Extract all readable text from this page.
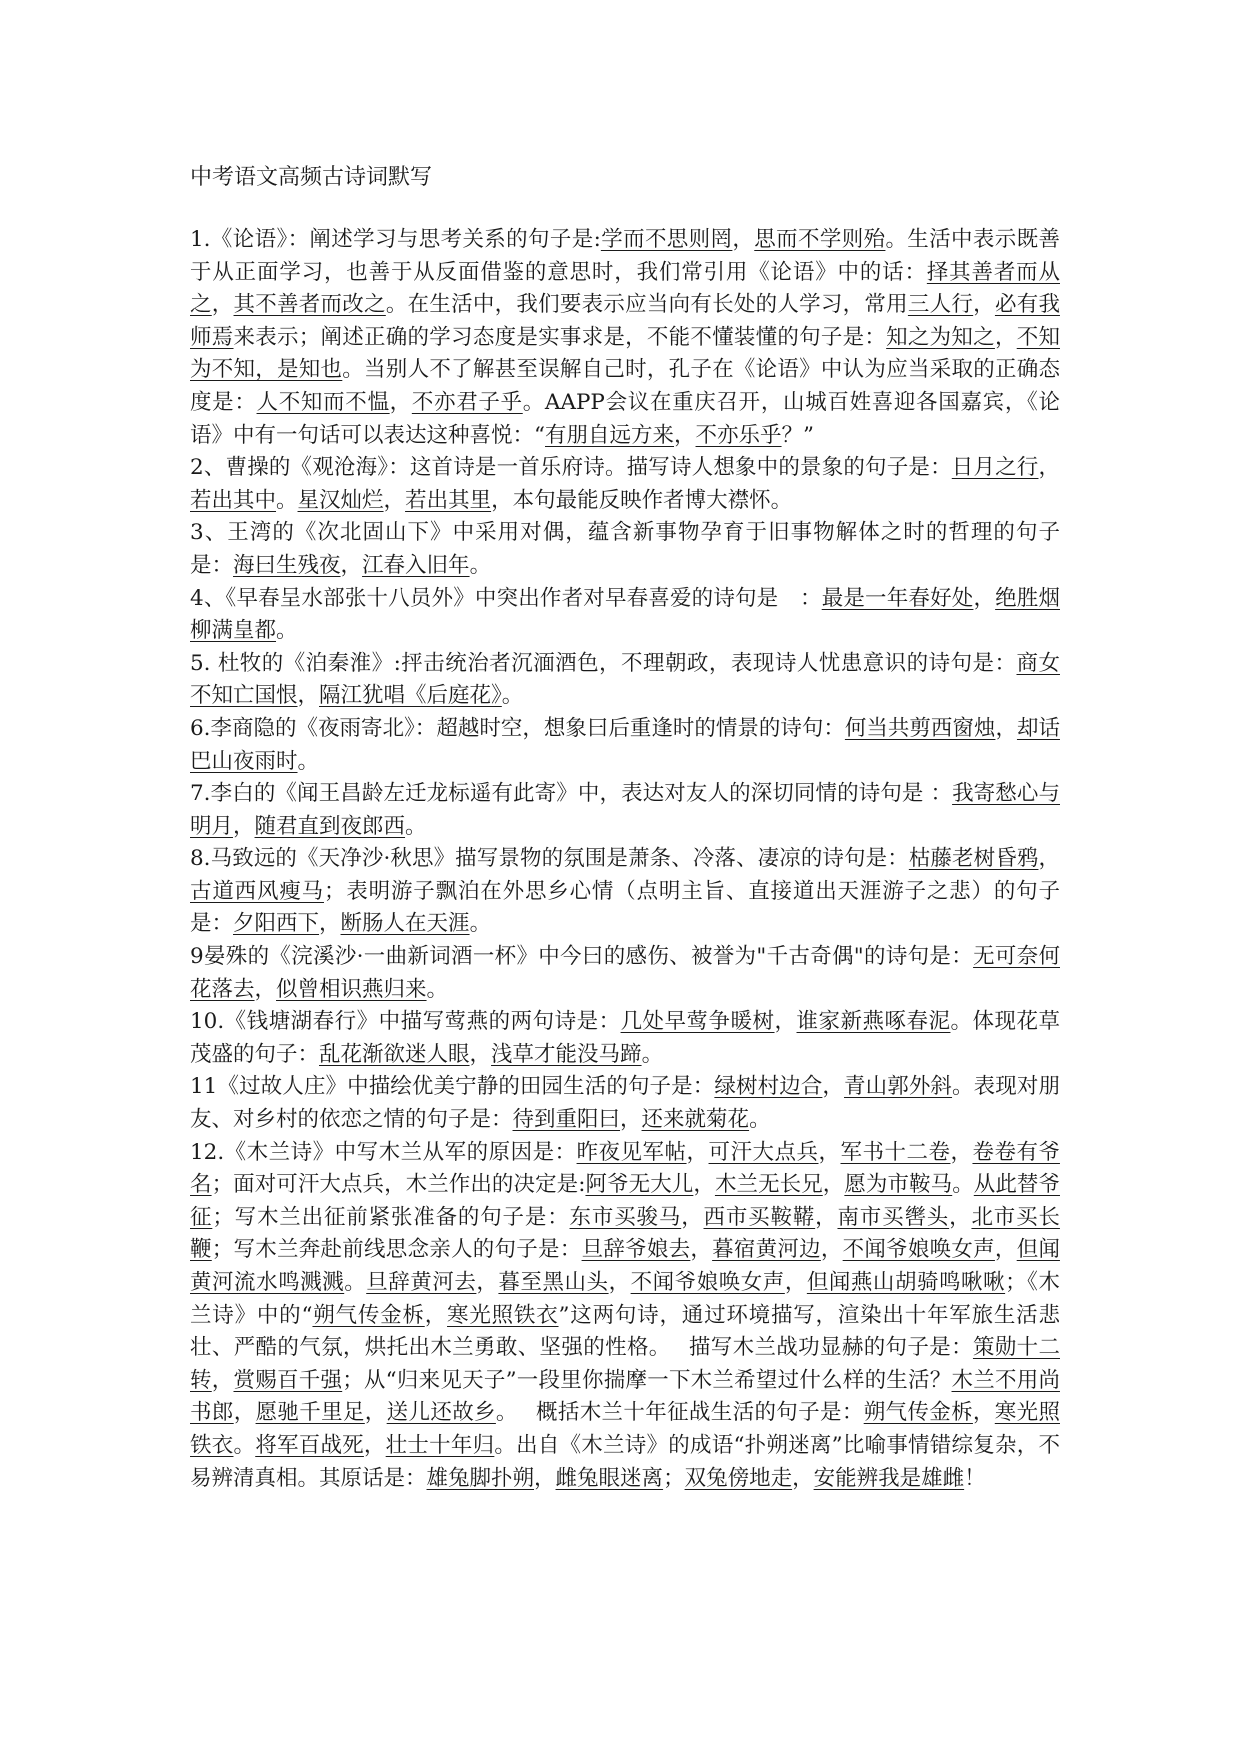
中考语文高频古诗词默写

1.《论语》：阐述学习与思考关系的句子是:学而不思则罔，思而不学则殆。生活中表示既善于从正面学习，也善于从反面借鉴的意思时，我们常引用《论语》中的话：择其善者而从之，其不善者而改之。在生活中，我们要表示应当向有长处的人学习，常用三人行，必有我师焉来表示；阐述正确的学习态度是实事求是，不能不懂装懂的句子是：知之为知之，不知为不知，是知也。当别人不了解甚至误解自己时，孔子在《论语》中认为应当采取的正确态度是：人不知而不愠，不亦君子乎。AAPP会议在重庆召开，山城百姓喜迎各国嘉宾，《论语》中有一句话可以表达这种喜悦：“有朋自远方来，不亦乐乎？”

2、曹操的《观沧海》：这首诗是一首乐府诗。描写诗人想象中的景象的句子是：日月之行，若出其中。星汉灿烂，若出其里，本句最能反映作者博大襟怀。

3、王湾的《次北固山下》中采用对偶，蕴含新事物孕育于旧事物解体之时的哲理的句子是：海曰生残夜，江春入旧年。

4、《早春呈水部张十八员外》中突出作者对早春喜爱的诗句是　：最是一年春好处，绝胜烟柳满皇都。

5. 杜牧的《泊秦淮》:抨击统治者沉湎酒色，不理朝政，表现诗人忧患意识的诗句是：商女不知亡国恨，隔江犹唱《后庭花》。

6.李商隐的《夜雨寄北》：超越时空，想象曰后重逢时的情景的诗句：何当共剪西窗烛，却话巴山夜雨时。

7.李白的《闻王昌龄左迁龙标遥有此寄》中，表达对友人的深切同情的诗句是 ：我寄愁心与明月，随君直到夜郎西。

8.马致远的《天净沙·秋思》描写景物的氛围是萧条、冷落、凄凉的诗句是：枯藤老树昏鸦，古道西风瘦马；表明游子飘泊在外思乡心情（点明主旨、直接道出天涯游子之悲）的句子是：夕阳西下，断肠人在天涯。

9晏殊的《浣溪沙·一曲新词酒一杯》中今曰的感伤、被誉为"千古奇偶"的诗句是：无可奈何花落去，似曾相识燕归来。

10.《钱塘湖春行》中描写莺燕的两句诗是：几处早莺争暖树，谁家新燕啄春泥。体现花草茂盛的句子：乱花渐欲迷人眼，浅草才能没马蹄。

11《过故人庄》中描绘优美宁静的田园生活的句子是：绿树村边合，青山郭外斜。表现对朋友、对乡村的依恋之情的句子是：待到重阳曰，还来就菊花。

12.《木兰诗》中写木兰从军的原因是：昨夜见军帖，可汗大点兵，军书十二卷，卷卷有爷名；面对可汗大点兵，木兰作出的决定是:阿爷无大儿，木兰无长兄，愿为市鞍马。从此替爷征；写木兰出征前紧张准备的句子是：东市买骏马，西市买鞍鞯，南市买辔头，北市买长鞭；写木兰奔赴前线思念亲人的句子是：旦辞爷娘去，暮宿黄河边，不闻爷娘唤女声，但闻黄河流水鸣溅溅。旦辞黄河去，暮至黑山头，不闻爷娘唤女声，但闻燕山胡骑鸣啾啾；《木兰诗》中的“朔气传金柝，寒光照铁衣”这两句诗，通过环境描写，渲染出十年军旅生活悲壮、严酷的气氛，烘托出木兰勇敢、坚强的性格。　 描写木兰战功显赫的句子是：策勋十二转，赏赐百千强；从“归来见天子”一段里你揣摩一下木兰希望过什么样的生活？木兰不用尚书郎，愿驰千里足，送儿还故乡。　 概括木兰十年征战生活的句子是：朔气传金柝，寒光照铁衣。将军百战死，壮士十年归。出自《木兰诗》的成语“扑朔迷离”比喻事情错综复杂，不易辨清真相。其原话是：雄兔脚扑朔，雌兔眼迷离；双兔傍地走，安能辨我是雄雌！
